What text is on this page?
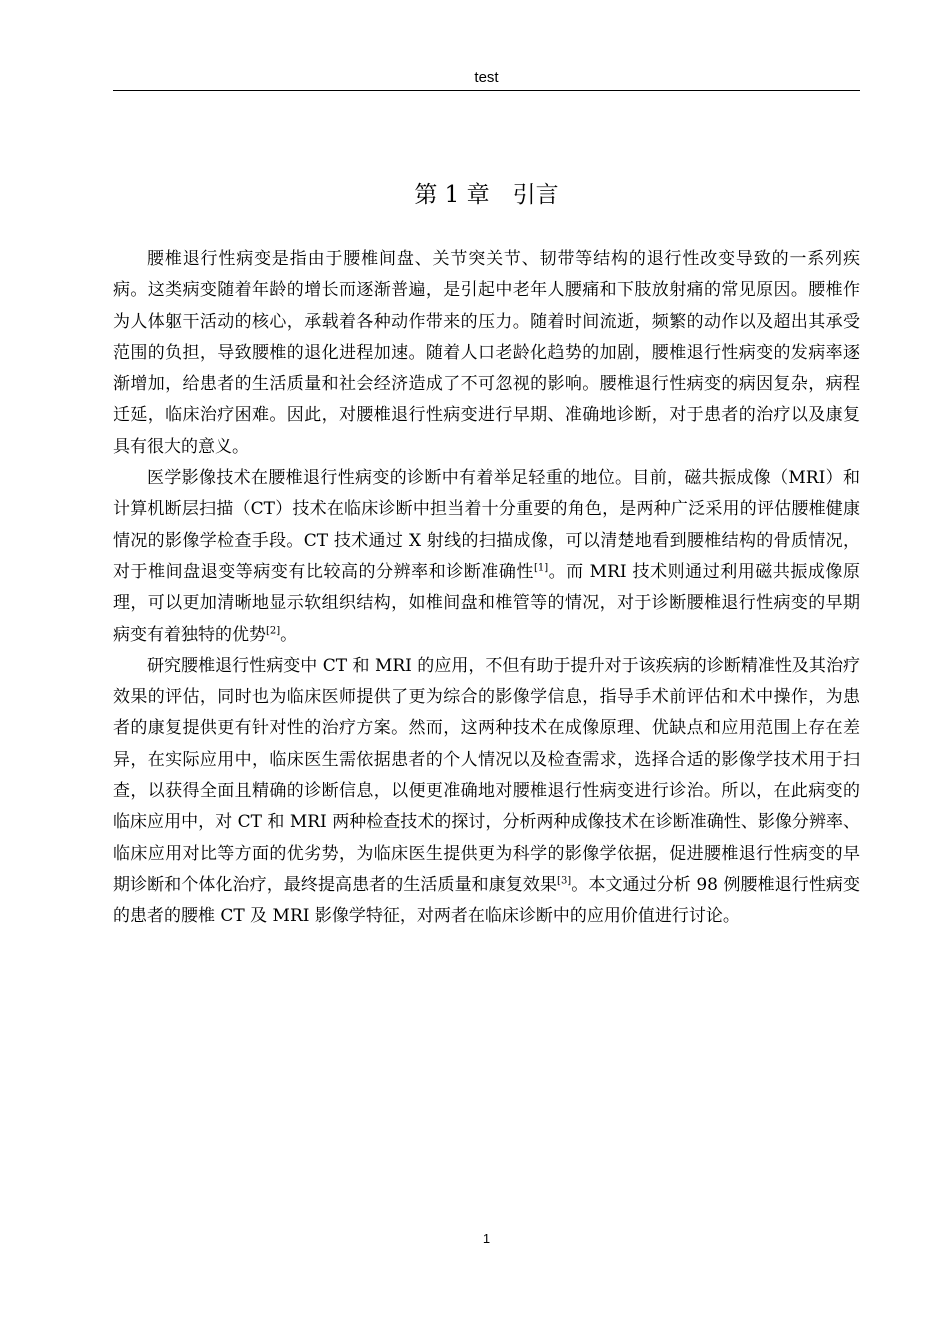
test
第 1 章　引言

腰椎退行性病变是指由于腰椎间盘、关节突关节、韧带等结构的退行性改变导致的一系列疾病。这类病变随着年龄的增长而逐渐普遍，是引起中老年人腰痛和下肢放射痛的常见原因。腰椎作为人体躯干活动的核心，承载着各种动作带来的压力。随着时间流逝，频繁的动作以及超出其承受范围的负担，导致腰椎的退化进程加速。随着人口老龄化趋势的加剧，腰椎退行性病变的发病率逐渐增加，给患者的生活质量和社会经济造成了不可忽视的影响。腰椎退行性病变的病因复杂，病程迁延，临床治疗困难。因此，对腰椎退行性病变进行早期、准确地诊断，对于患者的治疗以及康复具有很大的意义。

医学影像技术在腰椎退行性病变的诊断中有着举足轻重的地位。目前，磁共振成像（MRI）和计算机断层扫描（CT）技术在临床诊断中担当着十分重要的角色，是两种广泛采用的评估腰椎健康情况的影像学检查手段。CT 技术通过 X 射线的扫描成像，可以清楚地看到腰椎结构的骨质情况，对于椎间盘退变等病变有比较高的分辨率和诊断准确性[1]。而 MRI 技术则通过利用磁共振成像原理，可以更加清晰地显示软组织结构，如椎间盘和椎管等的情况，对于诊断腰椎退行性病变的早期病变有着独特的优势[2]。

研究腰椎退行性病变中 CT 和 MRI 的应用，不但有助于提升对于该疾病的诊断精准性及其治疗效果的评估，同时也为临床医师提供了更为综合的影像学信息，指导手术前评估和术中操作，为患者的康复提供更有针对性的治疗方案。然而，这两种技术在成像原理、优缺点和应用范围上存在差异，在实际应用中，临床医生需依据患者的个人情况以及检查需求，选择合适的影像学技术用于扫查，以获得全面且精确的诊断信息，以便更准确地对腰椎退行性病变进行诊治。所以，在此病变的临床应用中，对 CT 和 MRI 两种检查技术的探讨，分析两种成像技术在诊断准确性、影像分辨率、临床应用对比等方面的优劣势，为临床医生提供更为科学的影像学依据，促进腰椎退行性病变的早期诊断和个体化治疗，最终提高患者的生活质量和康复效果[3]。本文通过分析 98 例腰椎退行性病变的患者的腰椎 CT 及 MRI 影像学特征，对两者在临床诊断中的应用价值进行讨论。

1
